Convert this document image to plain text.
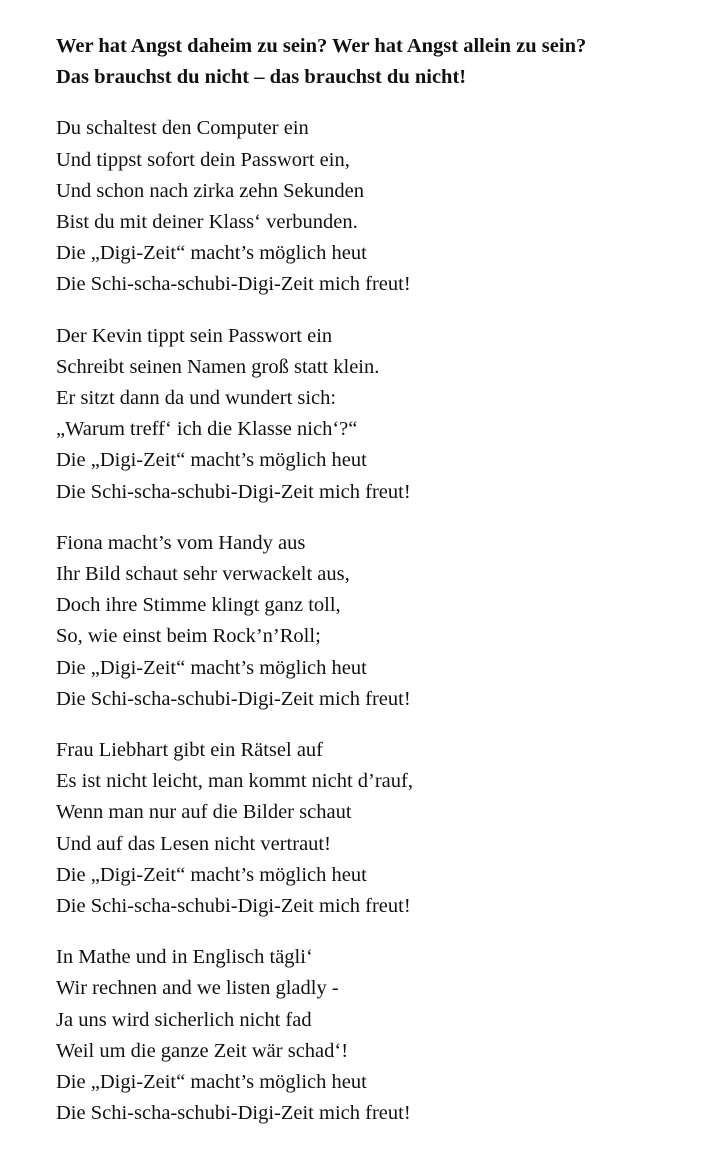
Wer hat Angst daheim zu sein? Wer hat Angst allein zu sein?
Das brauchst du nicht – das brauchst du nicht!
Du schaltest den Computer ein
Und tippst sofort dein Passwort ein,
Und schon nach zirka zehn Sekunden
Bist du mit deiner Klass‘ verbunden.
Die „Digi-Zeit“ macht’s möglich heut
Die Schi-scha-schubi-Digi-Zeit mich freut!
Der Kevin tippt sein Passwort ein
Schreibt seinen Namen groß statt klein.
Er sitzt dann da und wundert sich:
„Warum treff‘ ich die Klasse nich‘?“
Die „Digi-Zeit“ macht’s möglich heut
Die Schi-scha-schubi-Digi-Zeit mich freut!
Fiona macht’s vom Handy aus
Ihr Bild schaut sehr verwackelt aus,
Doch ihre Stimme klingt ganz toll,
So, wie einst beim Rock’n’Roll;
Die „Digi-Zeit“ macht’s möglich heut
Die Schi-scha-schubi-Digi-Zeit mich freut!
Frau Liebhart gibt ein Rätsel auf
Es ist nicht leicht, man kommt nicht d’rauf,
Wenn man nur auf die Bilder schaut
Und auf das Lesen nicht vertraut!
Die „Digi-Zeit“ macht’s möglich heut
Die Schi-scha-schubi-Digi-Zeit mich freut!
In Mathe und in Englisch tägli‘
Wir rechnen and we listen gladly -
Ja uns wird sicherlich nicht fad
Weil um die ganze Zeit wär schad‘!
Die „Digi-Zeit“ macht’s möglich heut
Die Schi-scha-schubi-Digi-Zeit mich freut!
